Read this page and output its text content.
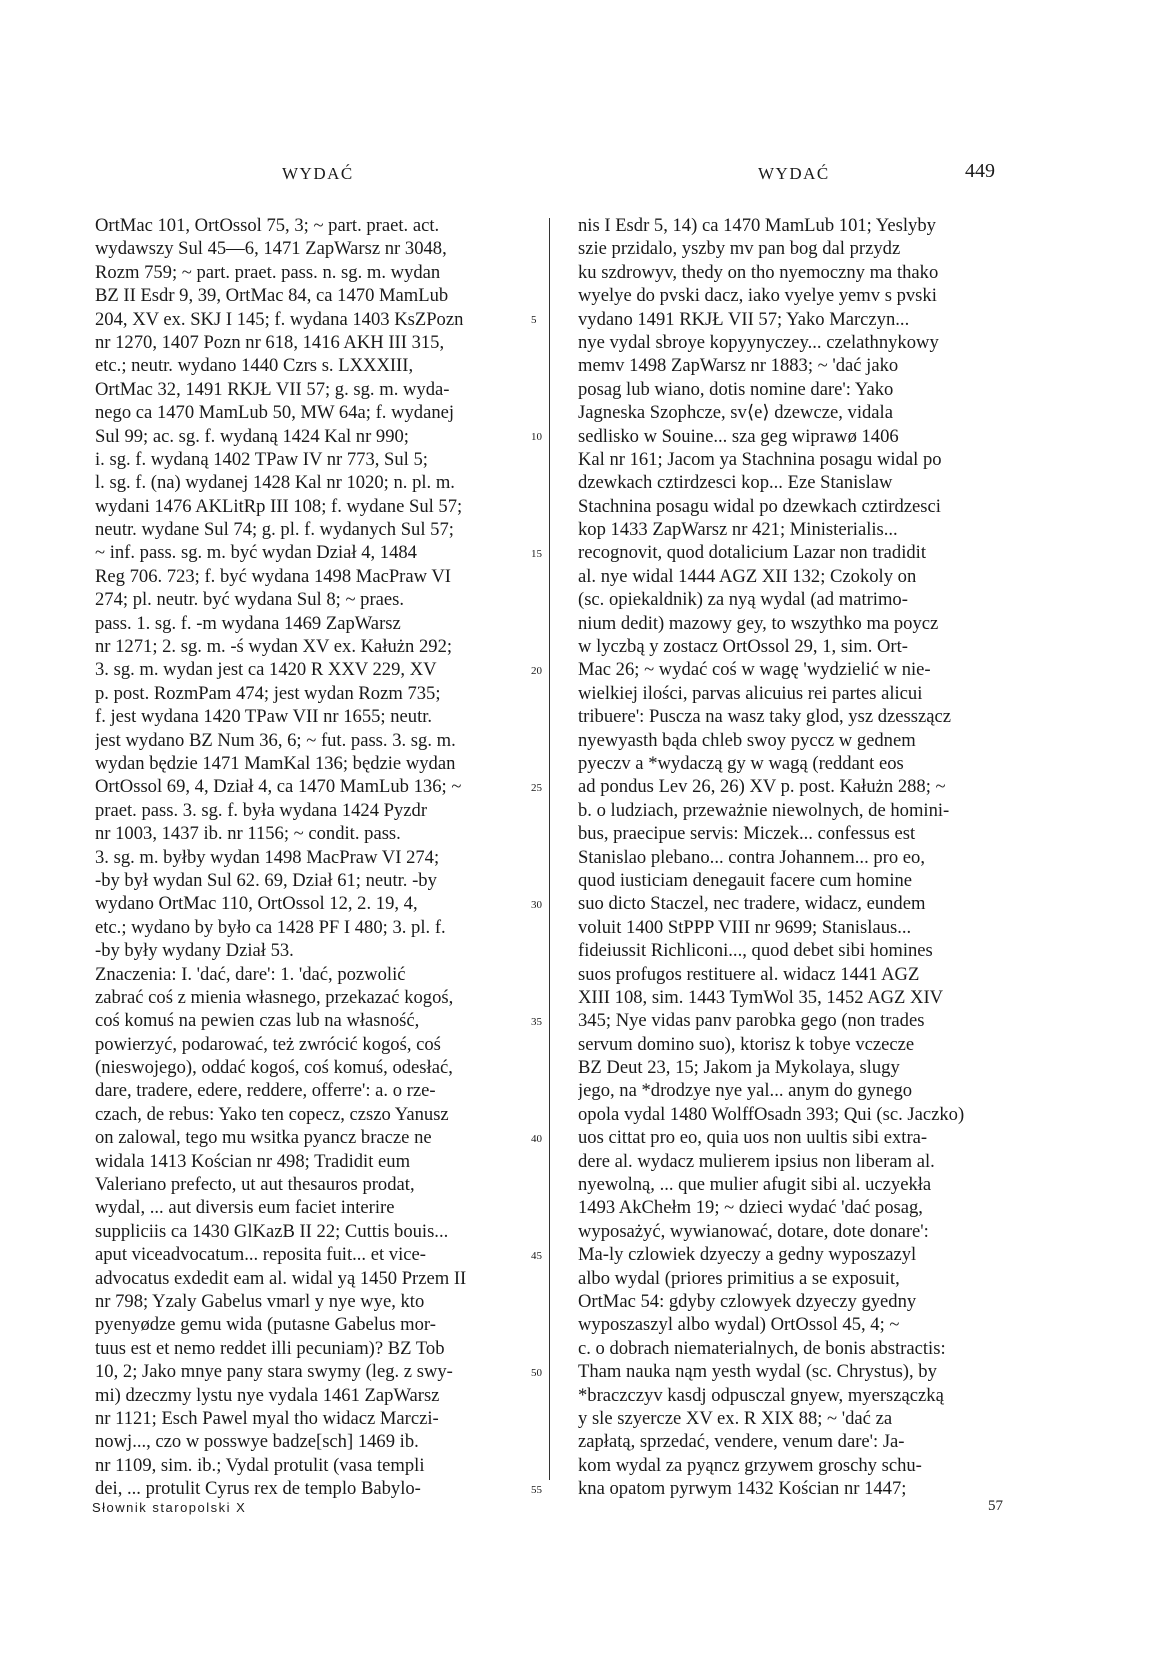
WYDAĆ	WYDAĆ	449
OrtMac 101, OrtOssol 75, 3; ~ part. praet. act.
wydawszy Sul 45—6, 1471 ZapWarsz nr 3048,
Rozm 759; ~ part. praet. pass. n. sg. m. wydan
BZ II Esdr 9, 39, OrtMac 84, ca 1470 MamLub
204, XV ex. SKJ I 145; f. wydana 1403 KsZPozn
nr 1270, 1407 Pozn nr 618, 1416 AKH III 315,
etc.; neutr. wydano 1440 Czrs s. LXXXIII,
OrtMac 32, 1491 RKJŁ VII 57; g. sg. m. wyda-
nego ca 1470 MamLub 50, MW 64a; f. wydanej
Sul 99; ac. sg. f. wydaną 1424 Kal nr 990;
i. sg. f. wydaną 1402 TPaw IV nr 773, Sul 5;
l. sg. f. (na) wydanej 1428 Kal nr 1020; n. pl. m.
wydani 1476 AKLitRp III 108; f. wydane Sul 57;
neutr. wydane Sul 74; g. pl. f. wydanych Sul 57;
~ inf. pass. sg. m. być wydan Dział 4, 1484
Reg 706. 723; f. być wydana 1498 MacPraw VI
274; pl. neutr. być wydana Sul 8; ~ praes.
pass. 1. sg. f. -m wydana 1469 ZapWarsz
nr 1271; 2. sg. m. -ś wydan XV ex. Kałużn 292;
3. sg. m. wydan jest ca 1420 R XXV 229, XV
p. post. RozmPam 474; jest wydan Rozm 735;
f. jest wydana 1420 TPaw VII nr 1655; neutr.
jest wydano BZ Num 36, 6; ~ fut. pass. 3. sg. m.
wydan będzie 1471 MamKal 136; będzie wydan
OrtOssol 69, 4, Dział 4, ca 1470 MamLub 136; ~
praet. pass. 3. sg. f. była wydana 1424 Pyzdr
nr 1003, 1437 ib. nr 1156; ~ condit. pass.
3. sg. m. byłby wydan 1498 MacPraw VI 274;
-by był wydan Sul 62. 69, Dział 61; neutr. -by
wydano OrtMac 110, OrtOssol 12, 2. 19, 4,
etc.; wydano by było ca 1428 PF I 480; 3. pl. f.
-by były wydany Dział 53.
Znaczenia: I. 'dać, dare': 1. 'dać, pozwolić
zabrać coś z mienia własnego, przekazać kogoś,
coś komuś na pewien czas lub na własność,
powierzyć, podarować, też zwrócić kogoś, coś
(nieswojego), oddać kogoś, coś komuś, odesłać,
dare, tradere, edere, reddere, offerre': a. o rze-
czach, de rebus: Yako ten copecz, czszo Yanusz
on zalowal, tego mu wsitka pyancz bracze ne
widala 1413 Kościan nr 498; Tradidit eum
Valeriano prefecto, ut aut thesauros prodat,
wydal, ... aut diversis eum faciet interire
suppliciis ca 1430 GlKazB II 22; Cuttis bouis...
aput viceadvocatum... reposita fuit... et vice-
advocatus exdedit eam al. widal yą 1450 Przem II
nr 798; Yzaly Gabelus vmarl y nye wye, kto
pyenyødze gemu wida (putasne Gabelus mor-
tuus est et nemo reddet illi pecuniam)? BZ Tob
10, 2; Jako mnye pany stara swymy (leg. z swy-
mi) dzeczmy lystu nye vydala 1461 ZapWarsz
nr 1121; Esch Pawel myal tho widacz Marczi-
nowj..., czo w posswye badze[sch] 1469 ib.
nr 1109, sim. ib.; Vydal protulit (vasa templi
dei, ... protulit Cyrus rex de templo Babylo-
5
10
15
20
25
30
35
40
45
50
55
nis I Esdr 5, 14) ca 1470 MamLub 101; Yeslyby
szie przidalo, yszby mv pan bog dal przydz
ku szdrowyv, thedy on tho nyemoczny ma thako
wyelye do pvski dacz, iako vyelye yemv s pvski
vydano 1491 RKJŁ VII 57; Yako Marczyn...
nye vydal sbroye kopyynyczey... czelathnykowy
memv 1498 ZapWarsz nr 1883; ~ 'dać jako
posag lub wiano, dotis nomine dare': Yako
Jagneska Szophcze, sv⟨e⟩ dzewcze, vidala
sedlisko w Souine... sza geg wiprawø 1406
Kal nr 161; Jacom ya Stachnina posagu widal po
dzewkach cztirdzesci kop... Eze Stanislaw
Stachnina posagu widal po dzewkach cztirdzesci
kop 1433 ZapWarsz nr 421; Ministerialis...
recognovit, quod dotalicium Lazar non tradidit
al. nye widal 1444 AGZ XII 132; Czokoly on
(sc. opiekaldnik) za nyą wydal (ad matrimo-
nium dedit) mazowy gey, to wszythko ma poycz
w lyczbą y zostacz OrtOssol 29, 1, sim. Ort-
Mac 26; ~ wydać coś w wagę 'wydzielić w nie-
wielkiej ilości, parvas alicuius rei partes alicui
tribuere': Puscza na wasz taky glod, ysz dzesszącz
nyewyasth bąda chleb swoy pyccz w gednem
pyeczv a *wydaczą gy w wagą (reddant eos
ad pondus Lev 26, 26) XV p. post. Kałużn 288; ~
b. o ludziach, przeważnie niewolnych, de homini-
bus, praecipue servis: Miczek... confessus est
Stanislao plebano... contra Johannem... pro eo,
quod iusticiam denegauit facere cum homine
suo dicto Staczel, nec tradere, widacz, eundem
voluit 1400 StPPP VIII nr 9699; Stanislaus...
fideiussit Richliconi..., quod debet sibi homines
suos profugos restituere al. widacz 1441 AGZ
XIII 108, sim. 1443 TymWol 35, 1452 AGZ XIV
345; Nye vidas panv parobka gego (non trades
servum domino suo), ktorisz k tobye vczecze
BZ Deut 23, 15; Jakom ja Mykolaya, slugy
jego, na *drodzye nye yal... anym do gynego
opola vydal 1480 WolffOsadn 393; Qui (sc. Jaczko)
uos cittat pro eo, quia uos non uultis sibi extra-
dere al. wydacz mulierem ipsius non liberam al.
nyewolną, ... que mulier afugit sibi al. uczyekła
1493 AkChełm 19; ~ dzieci wydać 'dać posag,
wyposażyć, wywianować, dotare, dote donare':
Ma-ly czlowiek dzyeczy a gedny wyposzazyl
albo wydal (priores primitius a se exposuit,
OrtMac 54: gdyby czlowyek dzyeczy gyedny
wyposzaszyl albo wydal) OrtOssol 45, 4; ~
c. o dobrach niematerialnych, de bonis abstractis:
Tham nauka nąm yesth wydal (sc. Chrystus), by
*braczczyv kasdj odpusczal gnyew, myerszączką
y sle szyercze XV ex. R XIX 88; ~ 'dać za
zapłatą, sprzedać, vendere, venum dare': Ja-
kom wydal za pyąncz grzywem groschy schu-
kna opatom pyrwym 1432 Kościan nr 1447;
Słownik staropolski X	57
